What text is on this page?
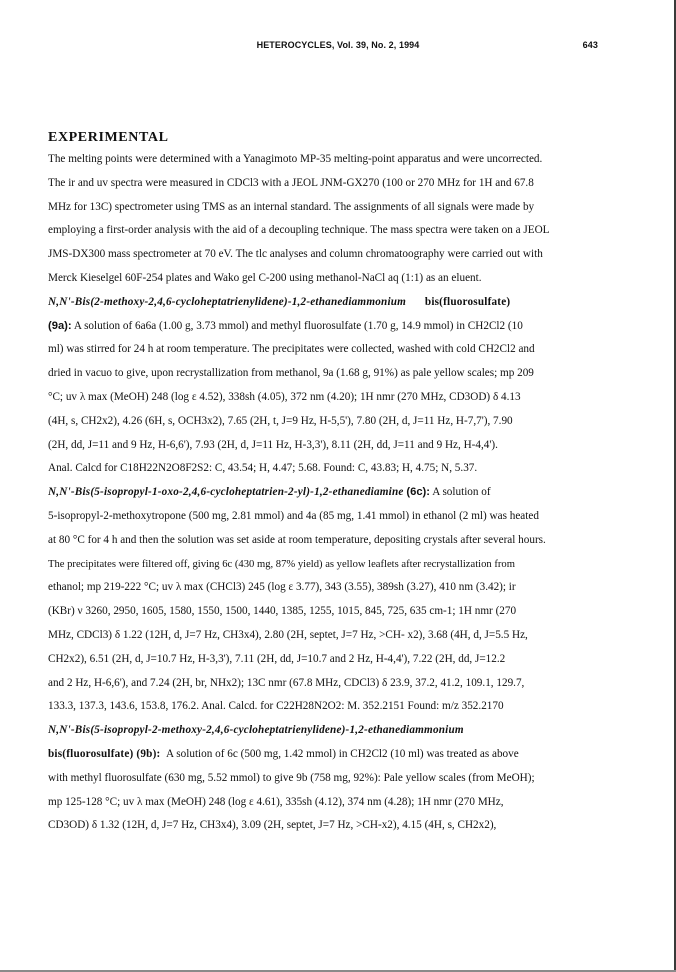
HETEROCYCLES, Vol. 39, No. 2, 1994	643
EXPERIMENTAL
The melting points were determined with a Yanagimoto MP-35 melting-point apparatus and were uncorrected.
The ir and uv spectra were measured in CDCl3 with a JEOL JNM-GX270 (100 or 270 MHz for 1H and 67.8
MHz for 13C) spectrometer using TMS as an internal standard. The assignments of all signals were made by
employing a first-order analysis with the aid of a decoupling technique. The mass spectra were taken on a JEOL
JMS-DX300 mass spectrometer at 70 eV. The tlc analyses and column chromatoography were carried out with
Merck Kieselgel 60F-254 plates and Wako gel C-200 using methanol-NaCl aq (1:1) as an eluent.
N,N'-Bis(2-methoxy-2,4,6-cycloheptatrienylidene)-1,2-ethanediammonium bis(fluorosulfate)
(9a): A solution of 6a6a (1.00 g, 3.73 mmol) and methyl fluorosulfate (1.70 g, 14.9 mmol) in CH2Cl2 (10
ml) was stirred for 24 h at room temperature. The precipitates were collected, washed with cold CH2Cl2 and
dried in vacuo to give, upon recrystallization from methanol, 9a (1.68 g, 91%) as pale yellow scales; mp 209
°C; uv λ max (MeOH) 248 (log ε 4.52), 338sh (4.05), 372 nm (4.20); 1H nmr (270 MHz, CD3OD) δ 4.13
(4H, s, CH2x2), 4.26 (6H, s, OCH3x2), 7.65 (2H, t, J=9 Hz, H-5,5'), 7.80 (2H, d, J=11 Hz, H-7,7'), 7.90
(2H, dd, J=11 and 9 Hz, H-6,6'), 7.93 (2H, d, J=11 Hz, H-3,3'), 8.11 (2H, dd, J=11 and 9 Hz, H-4,4').
Anal. Calcd for C18H22N2O8F2S2: C, 43.54; H, 4.47; 5.68. Found: C, 43.83; H, 4.75; N, 5.37.
N,N'-Bis(5-isopropyl-1-oxo-2,4,6-cycloheptatrien-2-yl)-1,2-ethanediamine (6c): A solution of
5-isopropyl-2-methoxytropone (500 mg, 2.81 mmol) and 4a (85 mg, 1.41 mmol) in ethanol (2 ml) was heated
at 80 °C for 4 h and then the solution was set aside at room temperature, depositing crystals after several hours.
The precipitates were filtered off, giving 6c (430 mg, 87% yield) as yellow leaflets after recrystallization from
ethanol; mp 219-222 °C; uv λ max (CHCl3) 245 (log ε 3.77), 343 (3.55), 389sh (3.27), 410 nm (3.42); ir
(KBr) ν 3260, 2950, 1605, 1580, 1550, 1500, 1440, 1385, 1255, 1015, 845, 725, 635 cm-1; 1H nmr (270
MHz, CDCl3) δ 1.22 (12H, d, J=7 Hz, CH3x4), 2.80 (2H, septet, J=7 Hz, >CH- x2), 3.68 (4H, d, J=5.5 Hz,
CH2x2), 6.51 (2H, d, J=10.7 Hz, H-3,3'), 7.11 (2H, dd, J=10.7 and 2 Hz, H-4,4'), 7.22 (2H, dd, J=12.2
and 2 Hz, H-6,6'), and 7.24 (2H, br, NHx2); 13C nmr (67.8 MHz, CDCl3) δ 23.9, 37.2, 41.2, 109.1, 129.7,
133.3, 137.3, 143.6, 153.8, 176.2. Anal. Calcd. for C22H28N2O2: M. 352.2151 Found: m/z 352.2170
N,N'-Bis(5-isopropyl-2-methoxy-2,4,6-cycloheptatrienylidene)-1,2-ethanediammonium
bis(fluorosulfate) (9b): A solution of 6c (500 mg, 1.42 mmol) in CH2Cl2 (10 ml) was treated as above
with methyl fluorosulfate (630 mg, 5.52 mmol) to give 9b (758 mg, 92%): Pale yellow scales (from MeOH);
mp 125-128 °C; uv λ max (MeOH) 248 (log ε 4.61), 335sh (4.12), 374 nm (4.28); 1H nmr (270 MHz,
CD3OD) δ 1.32 (12H, d, J=7 Hz, CH3x4), 3.09 (2H, septet, J=7 Hz, >CH-x2), 4.15 (4H, s, CH2x2),
